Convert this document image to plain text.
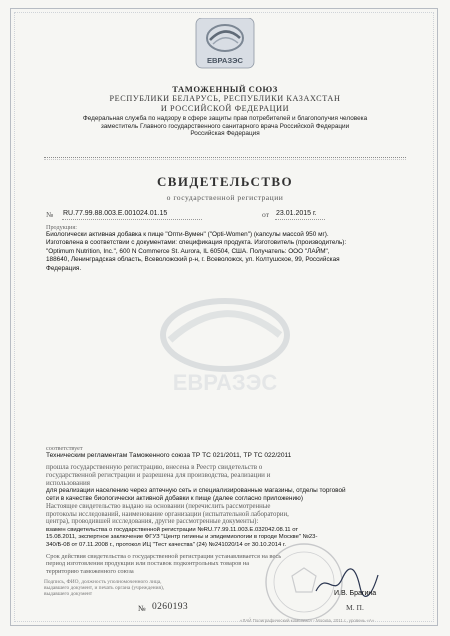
ЕВРАЗЭС
ТАМОЖЕННЫЙ СОЮЗ
РЕСПУБЛИКИ БЕЛАРУСЬ, РЕСПУБЛИКИ КАЗАХСТАН
И РОССИЙСКОЙ ФЕДЕРАЦИИ
Федеральная служба по надзору в сфере защиты прав потребителей и благополучия человека
заместитель Главного государственного санитарного врача Российской Федерации
Российская Федерация
СВИДЕТЕЛЬСТВО
о государственной регистрации
№ RU.77.99.88.003.E.001024.01.15	от 23.01.2015 г.
Продукция:
Биологически активная добавка к пище "Опти-Вумен" ("Opti-Women") (капсулы массой 950 мг).
Изготовлена в соответствии с документами: спецификация продукта. Изготовитель (производитель):
"Optimum Nutrition, Inc.", 600 N Commerce St. Aurora, IL 60504, США. Получатель: ООО "ЛАЙМ",
188640, Ленинградская область, Всеволожский р-н, г. Всеволожск, ул. Колтушское, 99, Российская
Федерация.
ЕВРАЗЭС
соответствует
Техническим регламентам Таможенного союза ТР ТС 021/2011, ТР ТС 022/2011
прошла государственную регистрацию, внесена в Реестр свидетельств о
государственной регистрации и разрешена для производства, реализации и
использования
для реализации населению через аптечную сеть и специализированные магазины, отделы торговой
сети в качестве биологически активной добавки к пище (далее согласно приложению)
Настоящее свидетельство выдано на основании (перечислить рассмотренные
протоколы исследований, наименование организации (испытательной лаборатории,
центра), проводившей исследования, другие рассмотренные документы):
Подпись, ФИО, должность уполномоченного лица,
выдавшего документ, и печать органа (учреждения),
выдавшего документ	И.В. Брагина
№ 0260193	М. П.
«ЛАЙ Полиграфический комплекс» - Москва, 2011 г., уровень «А»
взамен свидетельства о государственной регистрации №RU.77.99.11.003.E.032042.08.11 от
15.08.2011, экспертное заключение ФГУЗ "Центр гигиены и эпидемиологии в городе Москве" №23-
340/Б-08 от 07.11.2008 г., протокол ИЦ "Тест качества" (24) №241020/14 от 30.10.2014 г.
Срок действия свидетельства о государственной регистрации устанавливается на весь
период изготовления продукции или поставок подконтрольных товаров на
территорию таможенного союза
